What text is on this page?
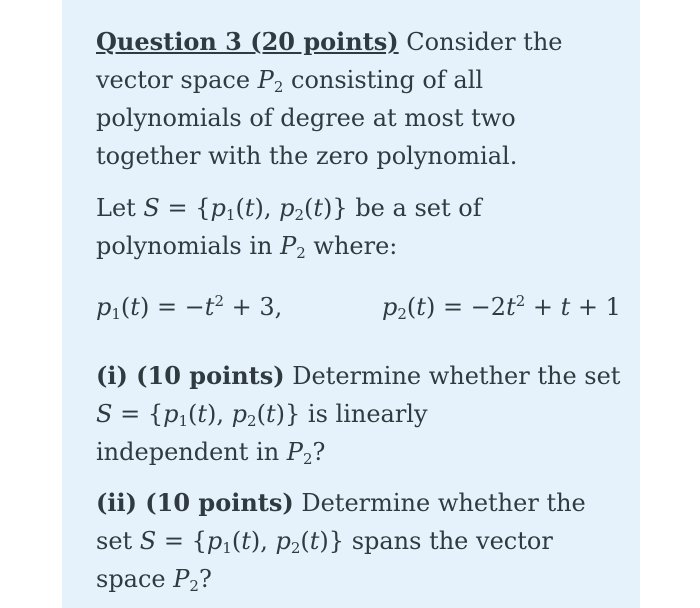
Question 3 (20 points) Consider the
vector space $P_2$ consisting of all
polynomials of degree at most two
together with the zero polynomial.
Let $S = \{p_1(t)$, $p_2(t)$} be a set of
polynomials in $P_2$ where:
$p_1(t) = -t^2 + 3$,	$p_2(t) = -2t^2 + t + 1$
(i) (10 points) Determine whether the set
$S = \{p_1(t)$, $p_2(t)$} is linearly
independent in $P_2$?
(ii) (10 points) Determine whether the
set $S = \{p_1(t)$, $p_2(t)$} spans the vector
space $P_2$?
